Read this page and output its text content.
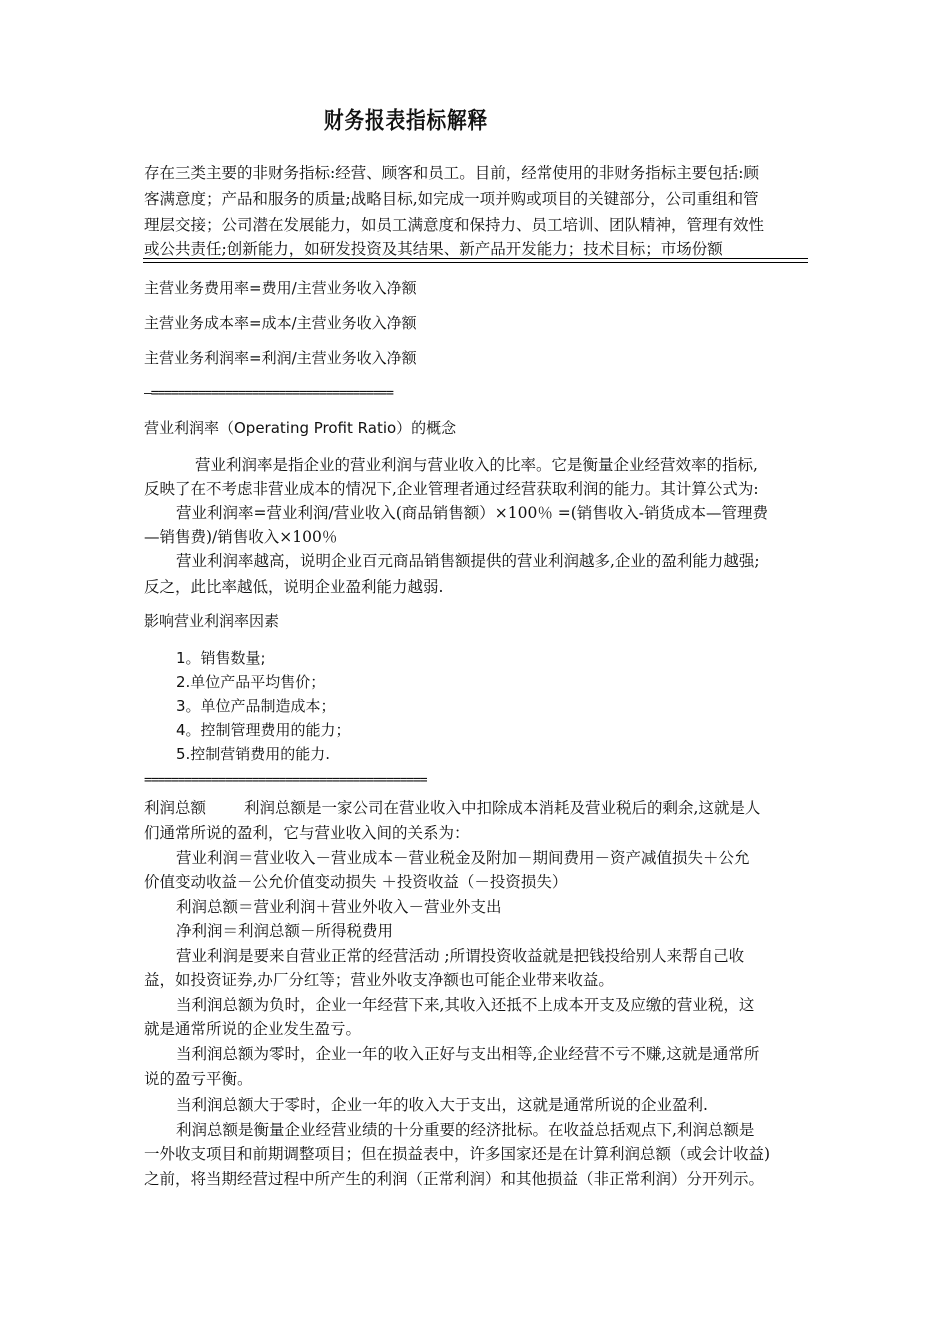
财务报表指标解释
存在三类主要的非财务指标:经营、顾客和员工。目前，经常使用的非财务指标主要包括:顾
客满意度；产品和服务的质量;战略目标,如完成一项并购或项目的关键部分，公司重组和管
理层交接；公司潜在发展能力，如员工满意度和保持力、员工培训、团队精神，管理有效性
或公共责任;创新能力，如研发投资及其结果、新产品开发能力；技术目标；市场份额
主营业务费用率=费用/主营业务收入净额
主营业务成本率=成本/主营业务收入净额
主营业务利润率=利润/主营业务收入净额
—====================================
营业利润率（Operating Profit Ratio）的概念
营业利润率是指企业的营业利润与营业收入的比率。它是衡量企业经营效率的指标,
反映了在不考虑非营业成本的情况下,企业管理者通过经营获取利润的能力。其计算公式为:
营业利润率=营业利润/营业收入(商品销售额）×100％ =(销售收入-销货成本—管理费
—销售费)/销售收入×100％
营业利润率越高，说明企业百元商品销售额提供的营业利润越多,企业的盈利能力越强;
反之，此比率越低，说明企业盈利能力越弱.
影响营业利润率因素
1。销售数量;
2.单位产品平均售价；
3。单位产品制造成本；
4。控制管理费用的能力；
5.控制营销费用的能力.
==========================================
利润总额 利润总额是一家公司在营业收入中扣除成本消耗及营业税后的剩余,这就是人
们通常所说的盈利，它与营业收入间的关系为：
营业利润＝营业收入－营业成本－营业税金及附加－期间费用－资产减值损失＋公允
价值变动收益－公允价值变动损失 ＋投资收益（－投资损失）
利润总额＝营业利润＋营业外收入－营业外支出
净利润＝利润总额－所得税费用
营业利润是要来自营业正常的经营活动 ;所谓投资收益就是把钱投给别人来帮自己收
益，如投资证券,办厂分红等；营业外收支净额也可能企业带来收益。
当利润总额为负时，企业一年经营下来,其收入还抵不上成本开支及应缴的营业税，这
就是通常所说的企业发生盈亏。
当利润总额为零时，企业一年的收入正好与支出相等,企业经营不亏不赚,这就是通常所
说的盈亏平衡。
当利润总额大于零时，企业一年的收入大于支出，这就是通常所说的企业盈利.
利润总额是衡量企业经营业绩的十分重要的经济批标。在收益总括观点下,利润总额是
一外收支项目和前期调整项目；但在损益表中，许多国家还是在计算利润总额（或会计收益)
之前，将当期经营过程中所产生的利润（正常利润）和其他损益（非正常利润）分开列示。
